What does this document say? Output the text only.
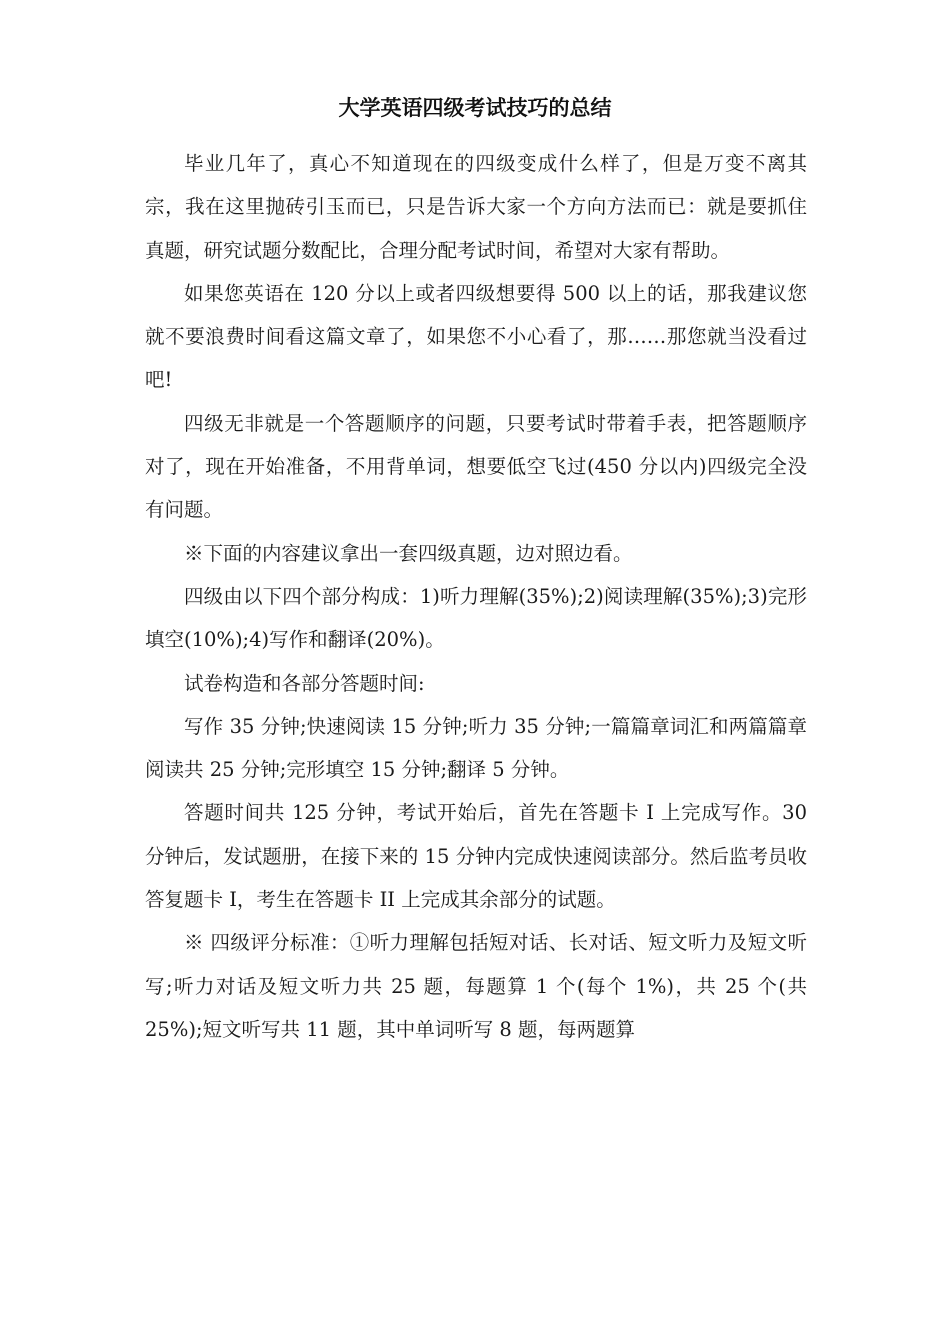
大学英语四级考试技巧的总结

毕业几年了，真心不知道现在的四级变成什么样了，但是万变不离其宗，我在这里抛砖引玉而已，只是告诉大家一个方向方法而已：就是要抓住真题，研究试题分数配比，合理分配考试时间，希望对大家有帮助。

如果您英语在 120 分以上或者四级想要得 500 以上的话，那我建议您就不要浪费时间看这篇文章了，如果您不小心看了，那……那您就当没看过吧!

四级无非就是一个答题顺序的问题，只要考试时带着手表，把答题顺序对了，现在开始准备，不用背单词，想要低空飞过(450 分以内)四级完全没有问题。

※下面的内容建议拿出一套四级真题，边对照边看。

四级由以下四个部分构成：1)听力理解(35%);2)阅读理解(35%);3)完形填空(10%);4)写作和翻译(20%)。

试卷构造和各部分答题时间:

写作 35 分钟;快速阅读 15 分钟;听力 35 分钟;一篇篇章词汇和两篇篇章阅读共 25 分钟;完形填空 15 分钟;翻译 5 分钟。

答题时间共 125 分钟，考试开始后，首先在答题卡 I 上完成写作。30 分钟后，发试题册，在接下来的 15 分钟内完成快速阅读部分。然后监考员收答复题卡 I，考生在答题卡 II 上完成其余部分的试题。

※ 四级评分标准：①听力理解包括短对话、长对话、短文听力及短文听写;听力对话及短文听力共 25 题，每题算 1 个(每个 1%)，共 25 个(共 25%);短文听写共 11 题，其中单词听写 8 题，每两题算
